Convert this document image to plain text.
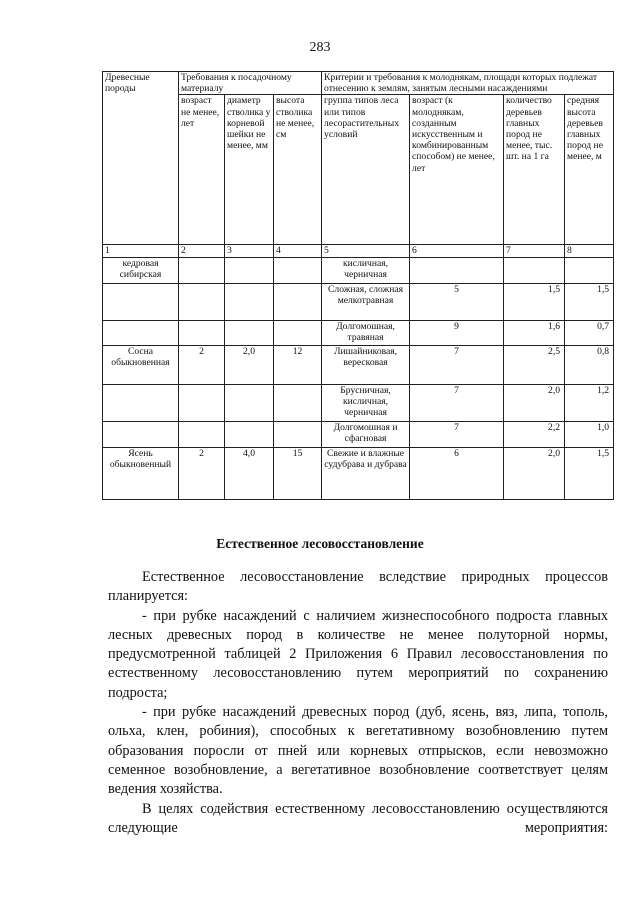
283
Древесные породы	Требования к посадочному материалу			Критерии и требования к молоднякам, площади которых подлежат отнесению к землям, занятым лесными насаждениями			
	возраст не менее, лет	диаметр стволика у корневой шейки не менее, мм	высота стволика не менее, см	группа типов леса или типов лесорастительных условий	возраст (к молоднякам, созданным искусственным и комбинированным способом) не менее, лет	количество деревьев главных пород не менее, тыс. шт. на 1 га	средняя высота деревьев главных пород не менее, м
1	2	3	4	5	6	7	8
кедровая сибирская				кисличная, черничная			
				Сложная, сложная мелкотравная	5	1,5	1,5
				Долгомошная, травяная	9	1,6	0,7
Сосна обыкновенная	2	2,0	12	Лишайниковая, вересковая	7	2,5	0,8
				Брусничная, кисличная, черничная	7	2,0	1,2
				Долгомошная и сфагновая	7	2,2	1,0
Ясень обыкновенный	2	4,0	15	Свежие и влажные судубрава и дубрава	6	2,0	1,5
Естественное лесовосстановление

Естественное лесовосстановление вследствие природных процессов планируется:

- при рубке насаждений с наличием жизнеспособного подроста главных лесных древесных пород в количестве не менее полуторной нормы, предусмотренной таблицей 2 Приложения 6 Правил лесовосстановления по естественному лесовосстановлению путем мероприятий по сохранению подроста;

- при рубке насаждений древесных пород (дуб, ясень, вяз, липа, тополь, ольха, клен, робиния), способных к вегетативному возобновлению путем образования поросли от пней или корневых отпрысков, если невозможно семенное возобновление, а вегетативное возобновление соответствует целям ведения хозяйства.

В целях содействия естественному лесовосстановлению осуществляются следующие мероприятия:
